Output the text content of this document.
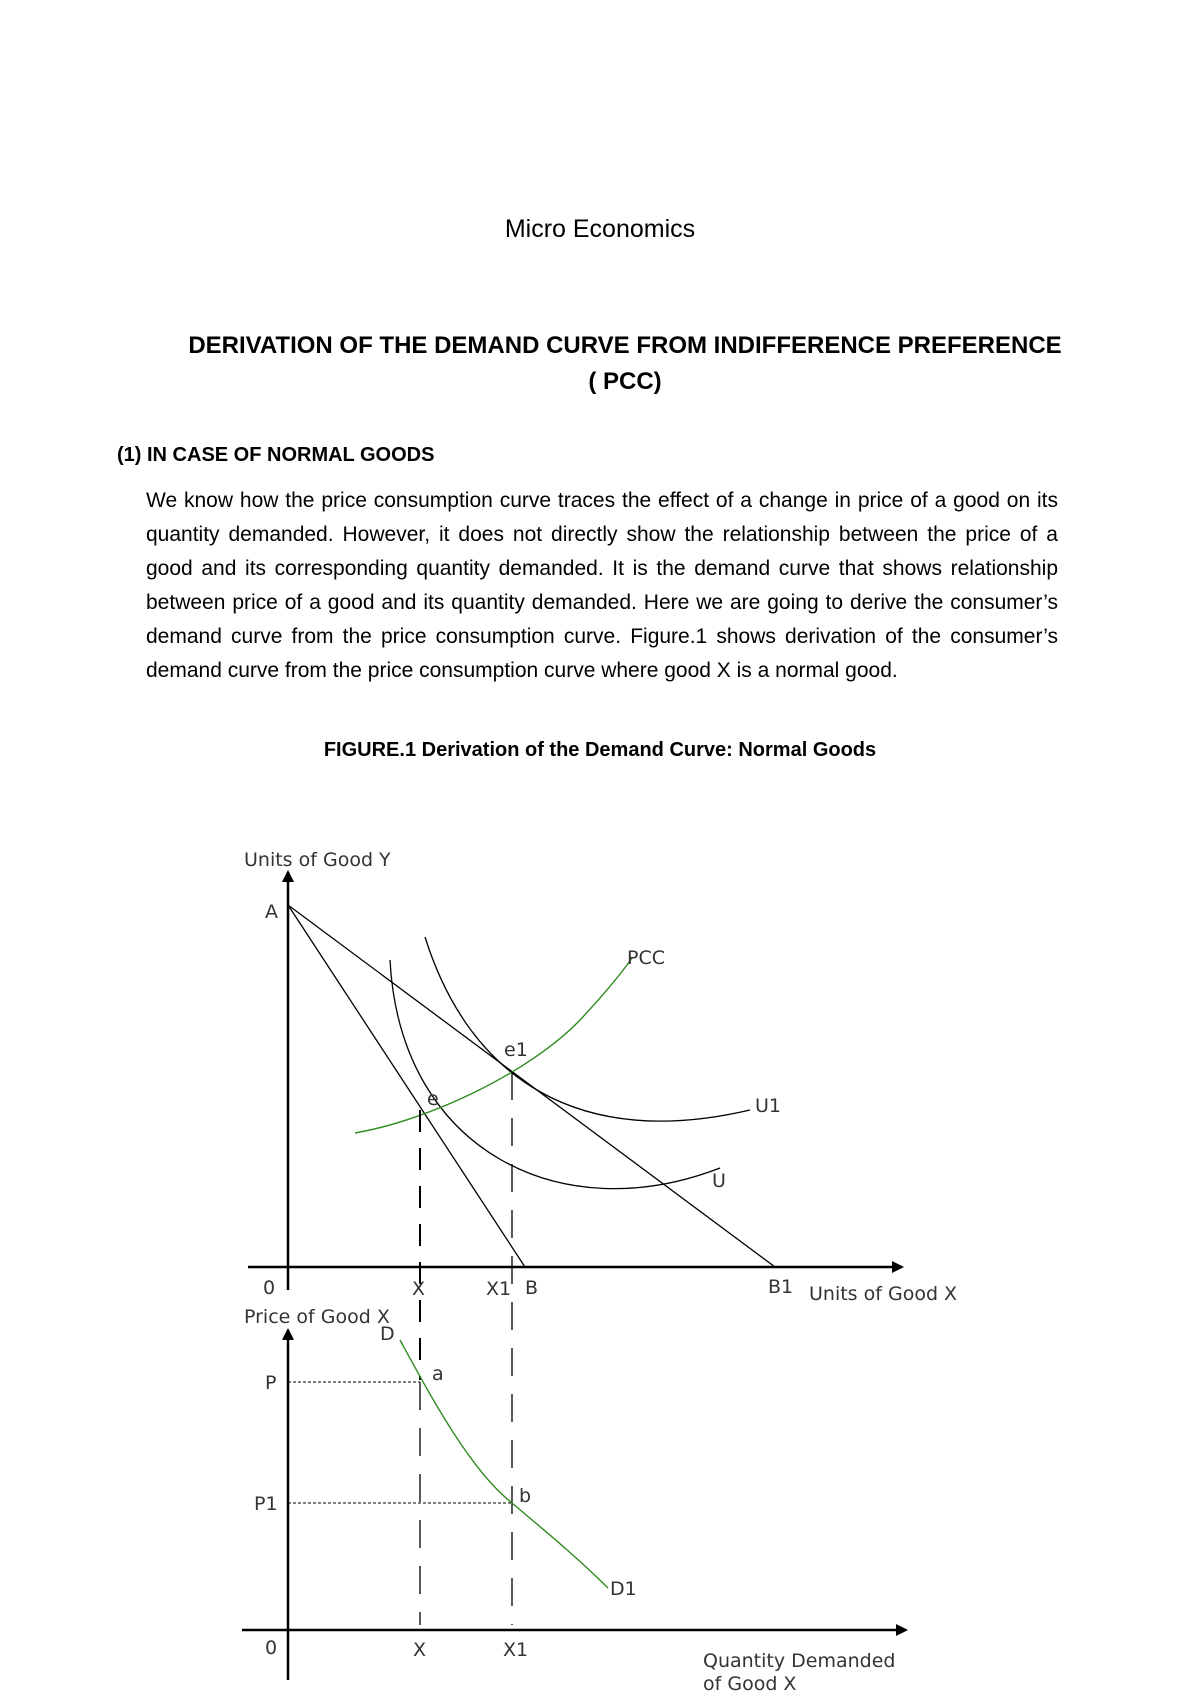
Micro Economics
DERIVATION OF THE DEMAND CURVE FROM INDIFFERENCE PREFERENCE
( PCC)
(1) IN CASE OF NORMAL GOODS

We know how the price consumption curve traces the effect of a change in price of a good on its quantity demanded. However, it does not directly show the relationship between the price of a good and its corresponding quantity demanded. It is the demand curve that shows relationship between price of a good and its quantity demanded. Here we are going to derive the consumer’s demand curve from the price consumption curve. Figure.1 shows derivation of the consumer’s demand curve from the price consumption curve where good X is a normal good.

FIGURE.1 Derivation of the Demand Curve: Normal Goods
Units of Good Y
A
PCC
e1
e	U1
U
0	X	X1 B	B1 Units of Good X
Price of Good X
D
P	a
P1	b
D1
0	X	X1	Quantity Demanded
of Good X
